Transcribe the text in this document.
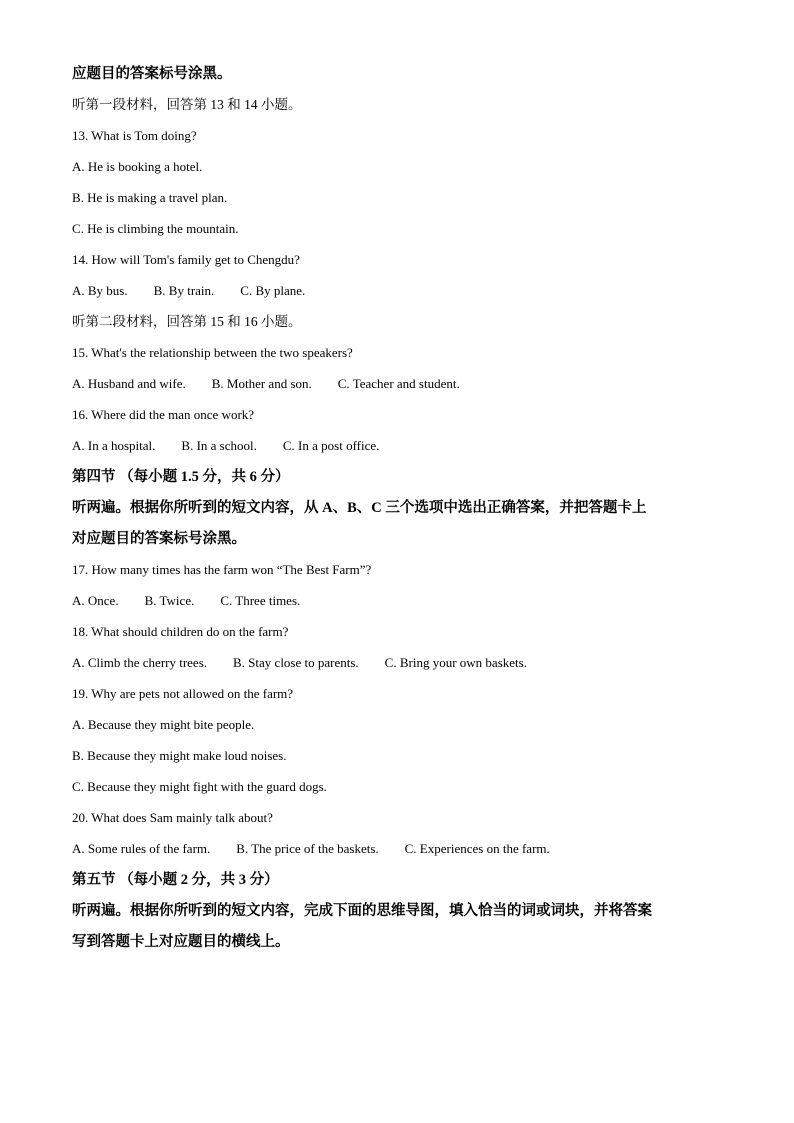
应题目的答案标号涂黑。
听第一段材料，回答第 13 和 14 小题。
13. What is Tom doing?
A. He is booking a hotel.
B. He is making a travel plan.
C. He is climbing the mountain.
14. How will Tom's family get to Chengdu?
A. By bus. B. By train. C. By plane.
听第二段材料，回答第 15 和 16 小题。
15. What's the relationship between the two speakers?
A. Husband and wife. B. Mother and son. C. Teacher and student.
16. Where did the man once work?
A. In a hospital. B. In a school. C. In a post office.
第四节 （每小题 1.5 分，共 6 分）
听两遍。根据你所听到的短文内容，从 A、B、C 三个选项中选出正确答案，并把答题卡上
对应题目的答案标号涂黑。
17. How many times has the farm won “The Best Farm”?
A. Once. B. Twice. C. Three times.
18. What should children do on the farm?
A. Climb the cherry trees. B. Stay close to parents. C. Bring your own baskets.
19. Why are pets not allowed on the farm?
A. Because they might bite people.
B. Because they might make loud noises.
C. Because they might fight with the guard dogs.
20. What does Sam mainly talk about?
A. Some rules of the farm. B. The price of the baskets. C. Experiences on the farm.
第五节 （每小题 2 分，共 3 分）
听两遍。根据你所听到的短文内容，完成下面的思维导图，填入恰当的词或词块，并将答案
写到答题卡上对应题目的横线上。
